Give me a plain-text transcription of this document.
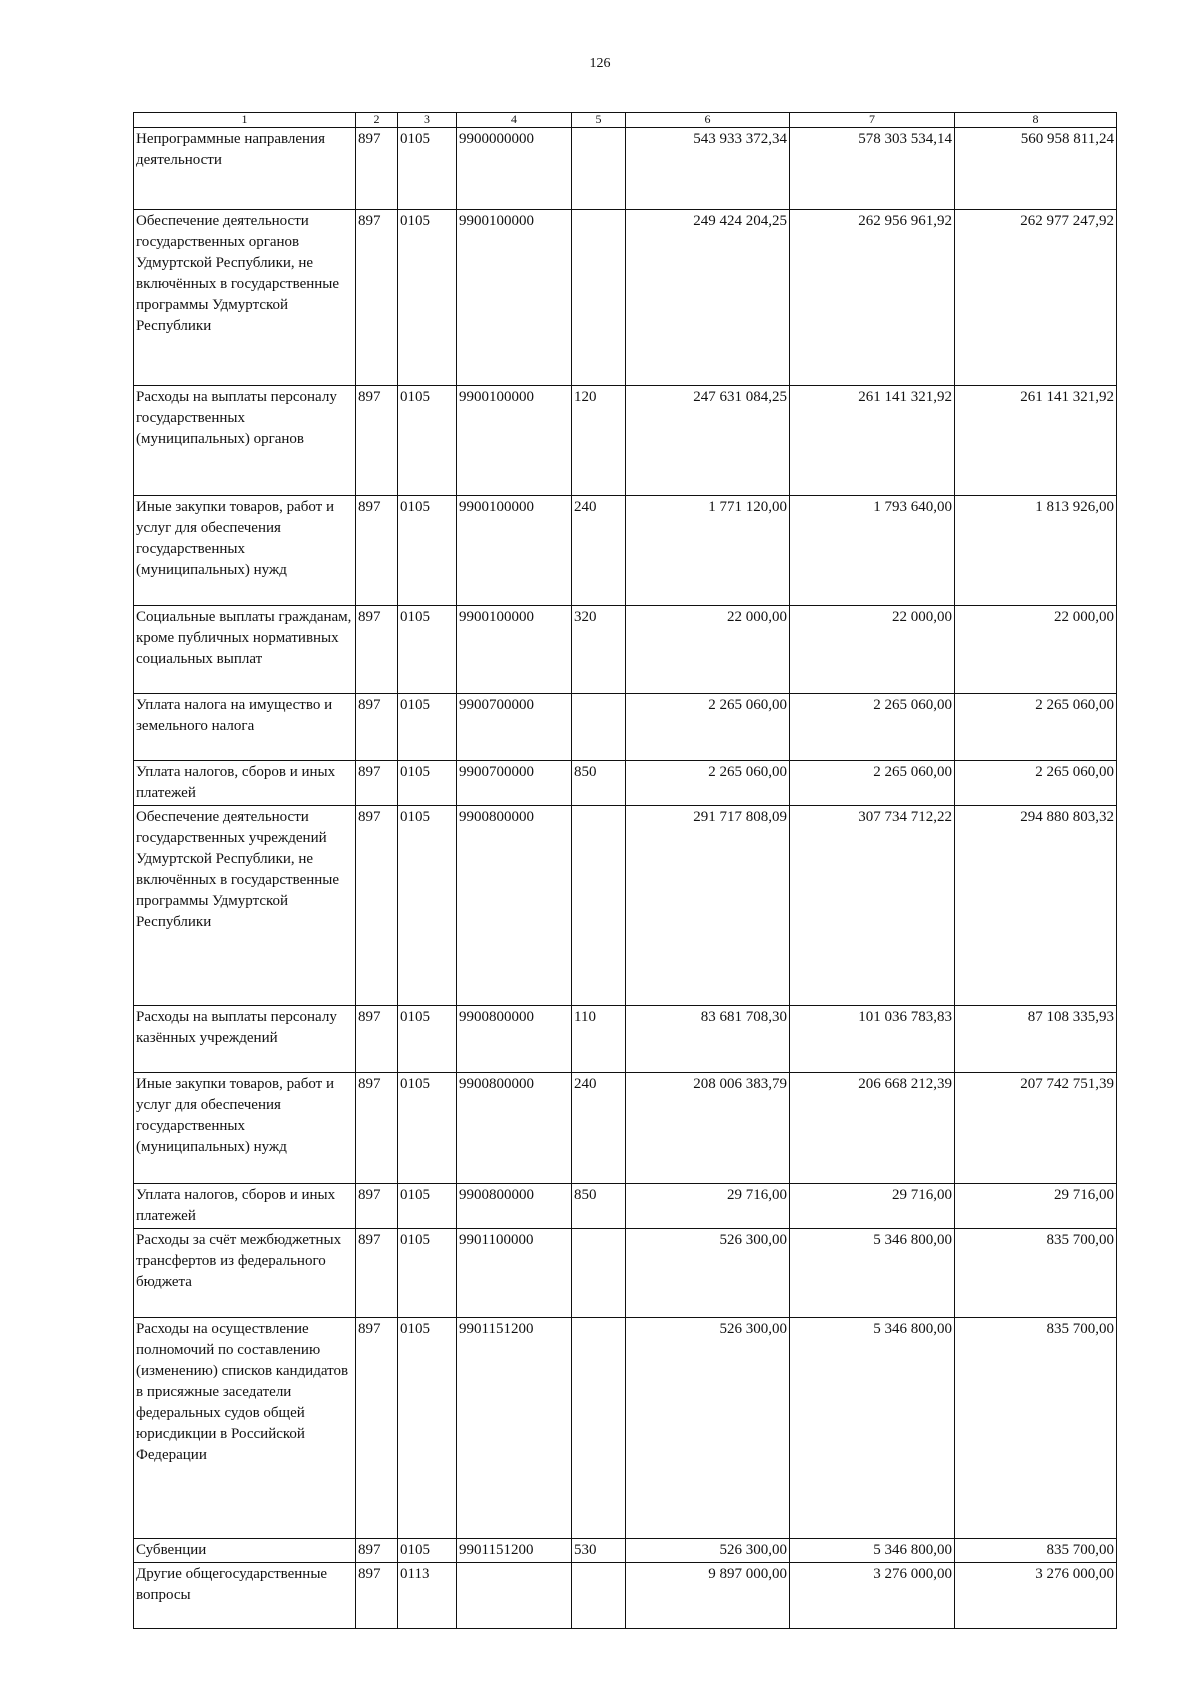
126
1	2	3	4	5	6	7	8
Непрограммные направления деятельности	897	0105	9900000000		543 933 372,34	578 303 534,14	560 958 811,24
Обеспечение деятельности государственных органов Удмуртской Республики, не включённых в государственные программы Удмуртской Республики	897	0105	9900100000		249 424 204,25	262 956 961,92	262 977 247,92
Расходы на выплаты персоналу государственных (муниципальных) органов	897	0105	9900100000	120	247 631 084,25	261 141 321,92	261 141 321,92
Иные закупки товаров, работ и услуг для обеспечения государственных (муниципальных) нужд	897	0105	9900100000	240	1 771 120,00	1 793 640,00	1 813 926,00
Социальные выплаты гражданам, кроме публичных нормативных социальных выплат	897	0105	9900100000	320	22 000,00	22 000,00	22 000,00
Уплата налога на имущество и земельного налога	897	0105	9900700000		2 265 060,00	2 265 060,00	2 265 060,00
Уплата налогов, сборов и иных платежей	897	0105	9900700000	850	2 265 060,00	2 265 060,00	2 265 060,00
Обеспечение деятельности государственных учреждений Удмуртской Республики, не включённых в государственные программы Удмуртской Республики	897	0105	9900800000		291 717 808,09	307 734 712,22	294 880 803,32
Расходы на выплаты персоналу казённых учреждений	897	0105	9900800000	110	83 681 708,30	101 036 783,83	87 108 335,93
Иные закупки товаров, работ и услуг для обеспечения государственных (муниципальных) нужд	897	0105	9900800000	240	208 006 383,79	206 668 212,39	207 742 751,39
Уплата налогов, сборов и иных платежей	897	0105	9900800000	850	29 716,00	29 716,00	29 716,00
Расходы за счёт межбюджетных трансфертов из федерального бюджета	897	0105	9901100000		526 300,00	5 346 800,00	835 700,00
Расходы на осуществление полномочий по составлению (изменению) списков кандидатов в присяжные заседатели федеральных судов общей юрисдикции в Российской Федерации	897	0105	9901151200		526 300,00	5 346 800,00	835 700,00
Субвенции	897	0105	9901151200	530	526 300,00	5 346 800,00	835 700,00
Другие общегосударственные вопросы	897	0113			9 897 000,00	3 276 000,00	3 276 000,00
